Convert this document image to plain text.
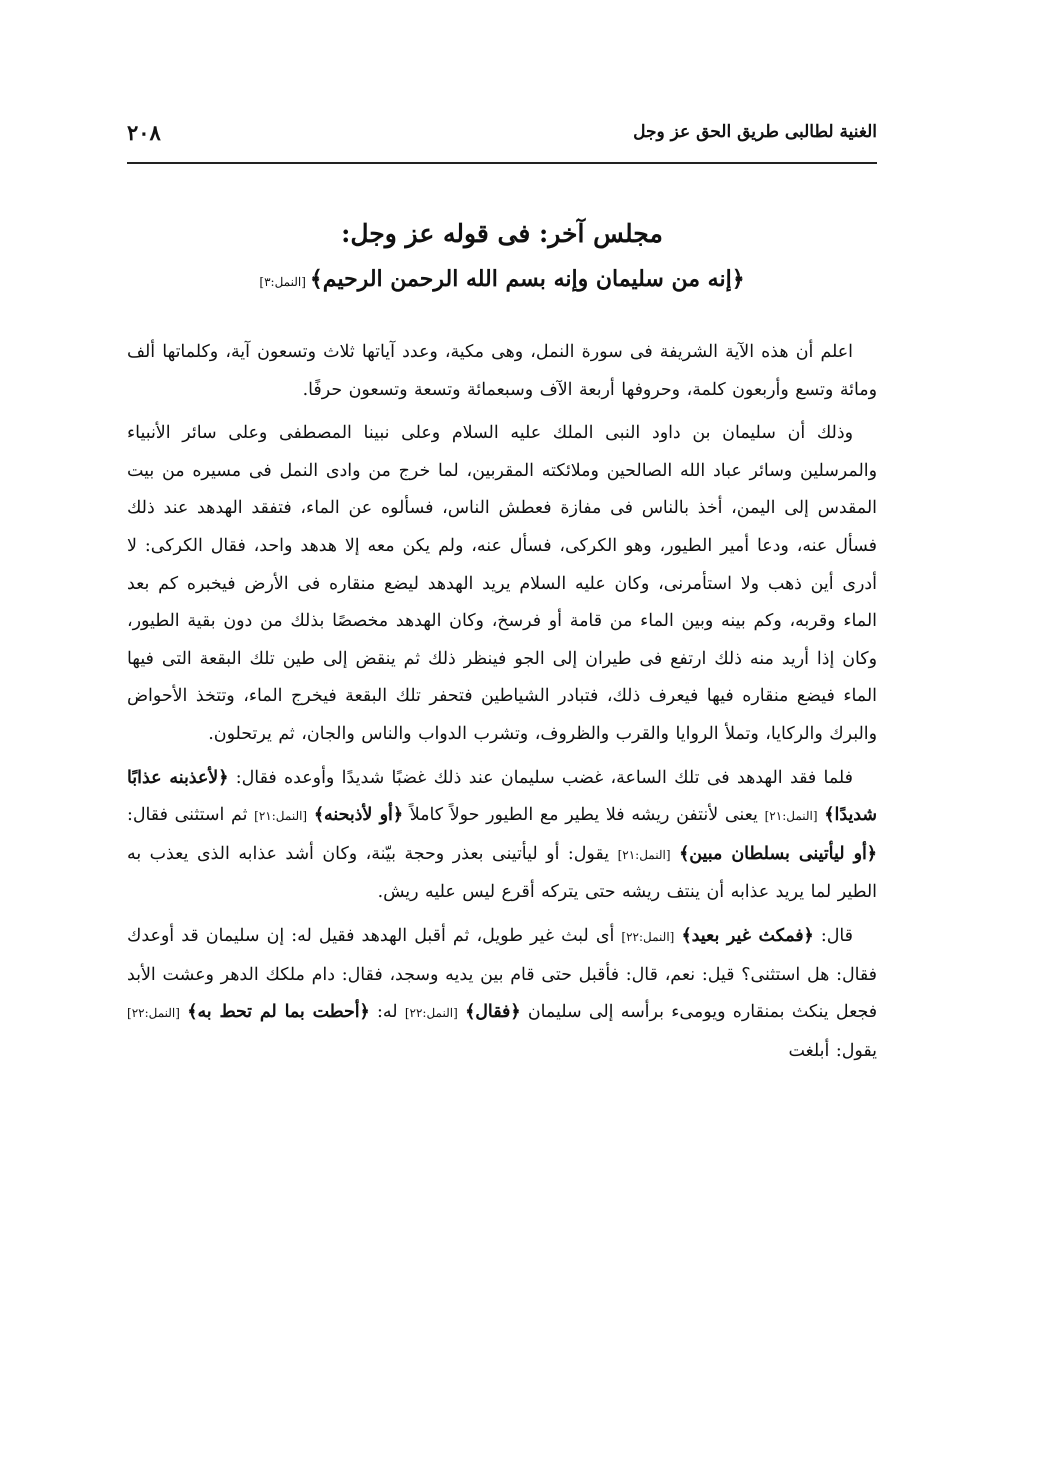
الغنية لطالبى طريق الحق عز وجل
٢٠٨
مجلس آخر: فى قوله عز وجل:
﴿إنه من سليمان وإنه بسم الله الرحمن الرحيم﴾[النمل:٣]

اعلم أن هذه الآية الشريفة فى سورة النمل، وهى مكية، وعدد آياتها ثلاث وتسعون آية، وكلماتها ألف ومائة وتسع وأربعون كلمة، وحروفها أربعة الآف وسبعمائة وتسعة وتسعون حرفًا.

وذلك أن سليمان بن داود النبى الملك عليه السلام وعلى نبينا المصطفى وعلى سائر الأنبياء والمرسلين وسائر عباد الله الصالحين وملائكته المقربين، لما خرج من وادى النمل فى مسيره من بيت المقدس إلى اليمن، أخذ بالناس فى مفازة فعطش الناس، فسألوه عن الماء، فتفقد الهدهد عند ذلك فسأل عنه، ودعا أمير الطيور، وهو الكركى، فسأل عنه، ولم يكن معه إلا هدهد واحد، فقال الكركى: لا أدرى أين ذهب ولا استأمرنى، وكان عليه السلام يريد الهدهد ليضع منقاره فى الأرض فيخبره كم بعد الماء وقربه، وكم بينه وبين الماء من قامة أو فرسخ، وكان الهدهد مخصصًا بذلك من دون بقية الطيور، وكان إذا أريد منه ذلك ارتفع فى طيران إلى الجو فينظر ذلك ثم ينقض إلى طين تلك البقعة التى فيها الماء فيضع منقاره فيها فيعرف ذلك، فتبادر الشياطين فتحفر تلك البقعة فيخرج الماء، وتتخذ الأحواض والبرك والركايا، وتملأ الروايا والقرب والظروف، وتشرب الدواب والناس والجان، ثم يرتحلون.

فلما فقد الهدهد فى تلك الساعة، غضب سليمان عند ذلك غضبًا شديدًا وأوعده فقال: ﴿لأعذبنه عذابًا شديدًا﴾ [النمل:٢١] يعنى لأنتفن ريشه فلا يطير مع الطيور حولاً كاملاً ﴿أو لأذبحنه﴾ [النمل:٢١] ثم استثنى فقال: ﴿أو ليأتينى بسلطان مبين﴾ [النمل:٢١] يقول: أو ليأتينى بعذر وحجة بيّنة، وكان أشد عذابه الذى يعذب به الطير لما يريد عذابه أن ينتف ريشه حتى يتركه أقرع ليس عليه ريش.

قال: ﴿فمكث غير بعيد﴾ [النمل:٢٢] أى لبث غير طويل، ثم أقبل الهدهد فقيل له: إن سليمان قد أوعدك فقال: هل استثنى؟ قيل: نعم، قال: فأقبل حتى قام بين يديه وسجد، فقال: دام ملكك الدهر وعشت الأبد فجعل ينكث بمنقاره ويومىء برأسه إلى سليمان ﴿فقال﴾ [النمل:٢٢] له: ﴿أحطت بما لم تحط به﴾ [النمل:٢٢] يقول: أبلغت
